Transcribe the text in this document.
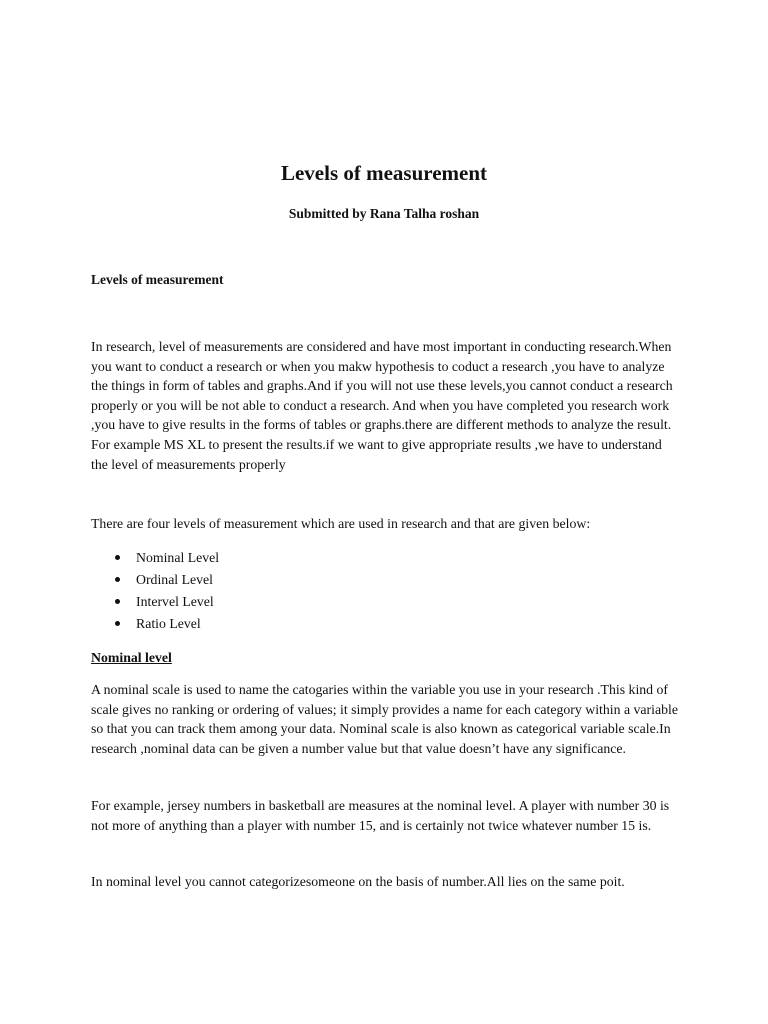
Levels of measurement
Submitted by Rana Talha roshan
Levels of measurement

In research, level of measurements are considered and have most important in conducting research.When you want to conduct a research or when you makw hypothesis to coduct a research ,you have to analyze the things in form of tables and graphs.And if you will not use these levels,you cannot conduct a research properly or you will be not able to conduct a research. And when you have completed you research work ,you have to give results in the forms of tables or graphs.there are different methods to analyze the result. For example MS XL to present the results.if we want to give appropriate results ,we have to understand the level of measurements properly

There are four levels of measurement which are used in research and that are given below:

Nominal Level
Ordinal Level
Intervel Level
Ratio Level
Nominal level

A nominal scale is used to name the catogaries within the variable you use in your research .This kind of scale gives no ranking or ordering of values; it simply provides a name for each category within a variable so that you can track them among your data. Nominal scale is also known as categorical variable scale.In research ,nominal data can be given a number value but that value doesn’t have any significance.

For example, jersey numbers in basketball are measures at the nominal level. A player with number 30 is not more of anything than a player with number 15, and is certainly not twice whatever number 15 is.

In nominal level you cannot categorizesomeone on the basis of number.All lies on the same poit.
